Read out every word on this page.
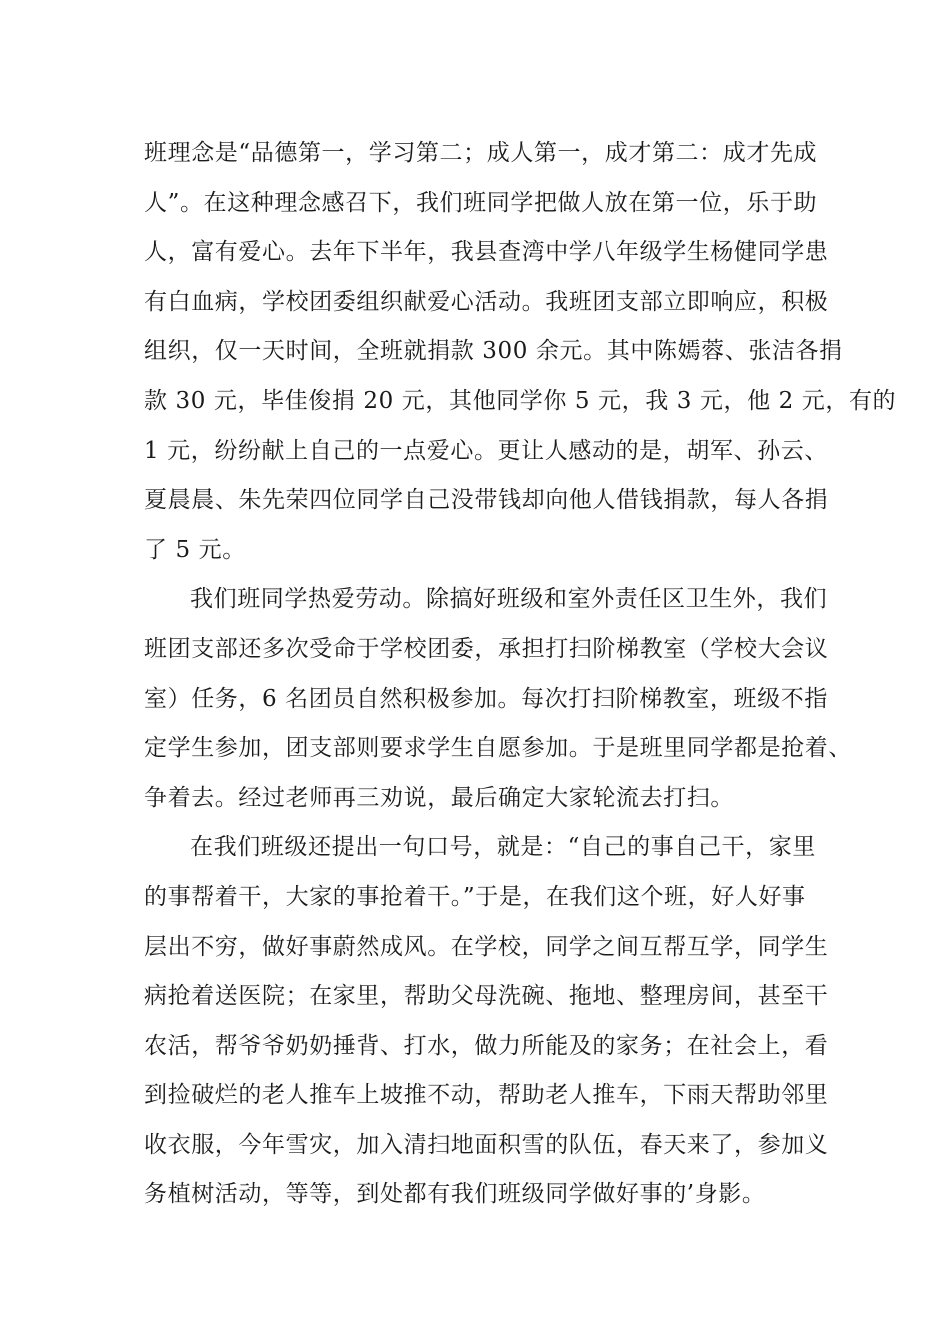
班理念是“品德第一，学习第二；成人第一，成才第二：成才先成
人”。在这种理念感召下，我们班同学把做人放在第一位，乐于助
人，富有爱心。去年下半年，我县查湾中学八年级学生杨健同学患
有白血病，学校团委组织献爱心活动。我班团支部立即响应，积极
组织，仅一天时间，全班就捐款 300 余元。其中陈嫣蓉、张洁各捐
款 30 元，毕佳俊捐 20 元，其他同学你 5 元，我 3 元，他 2 元，有的
1 元，纷纷献上自己的一点爱心。更让人感动的是，胡军、孙云、
夏晨晨、朱先荣四位同学自己没带钱却向他人借钱捐款，每人各捐
了 5 元。
我们班同学热爱劳动。除搞好班级和室外责任区卫生外，我们
班团支部还多次受命于学校团委，承担打扫阶梯教室（学校大会议
室）任务，6 名团员自然积极参加。每次打扫阶梯教室，班级不指
定学生参加，团支部则要求学生自愿参加。于是班里同学都是抢着、
争着去。经过老师再三劝说，最后确定大家轮流去打扫。
在我们班级还提出一句口号，就是：“自己的事自己干，家里
的事帮着干，大家的事抢着干。”于是，在我们这个班，好人好事
层出不穷，做好事蔚然成风。在学校，同学之间互帮互学，同学生
病抢着送医院；在家里，帮助父母洗碗、拖地、整理房间，甚至干
农活，帮爷爷奶奶捶背、打水，做力所能及的家务；在社会上，看
到捡破烂的老人推车上坡推不动，帮助老人推车，下雨天帮助邻里
收衣服，今年雪灾，加入清扫地面积雪的队伍，春天来了，参加义
务植树活动，等等，到处都有我们班级同学做好事的’身影。
